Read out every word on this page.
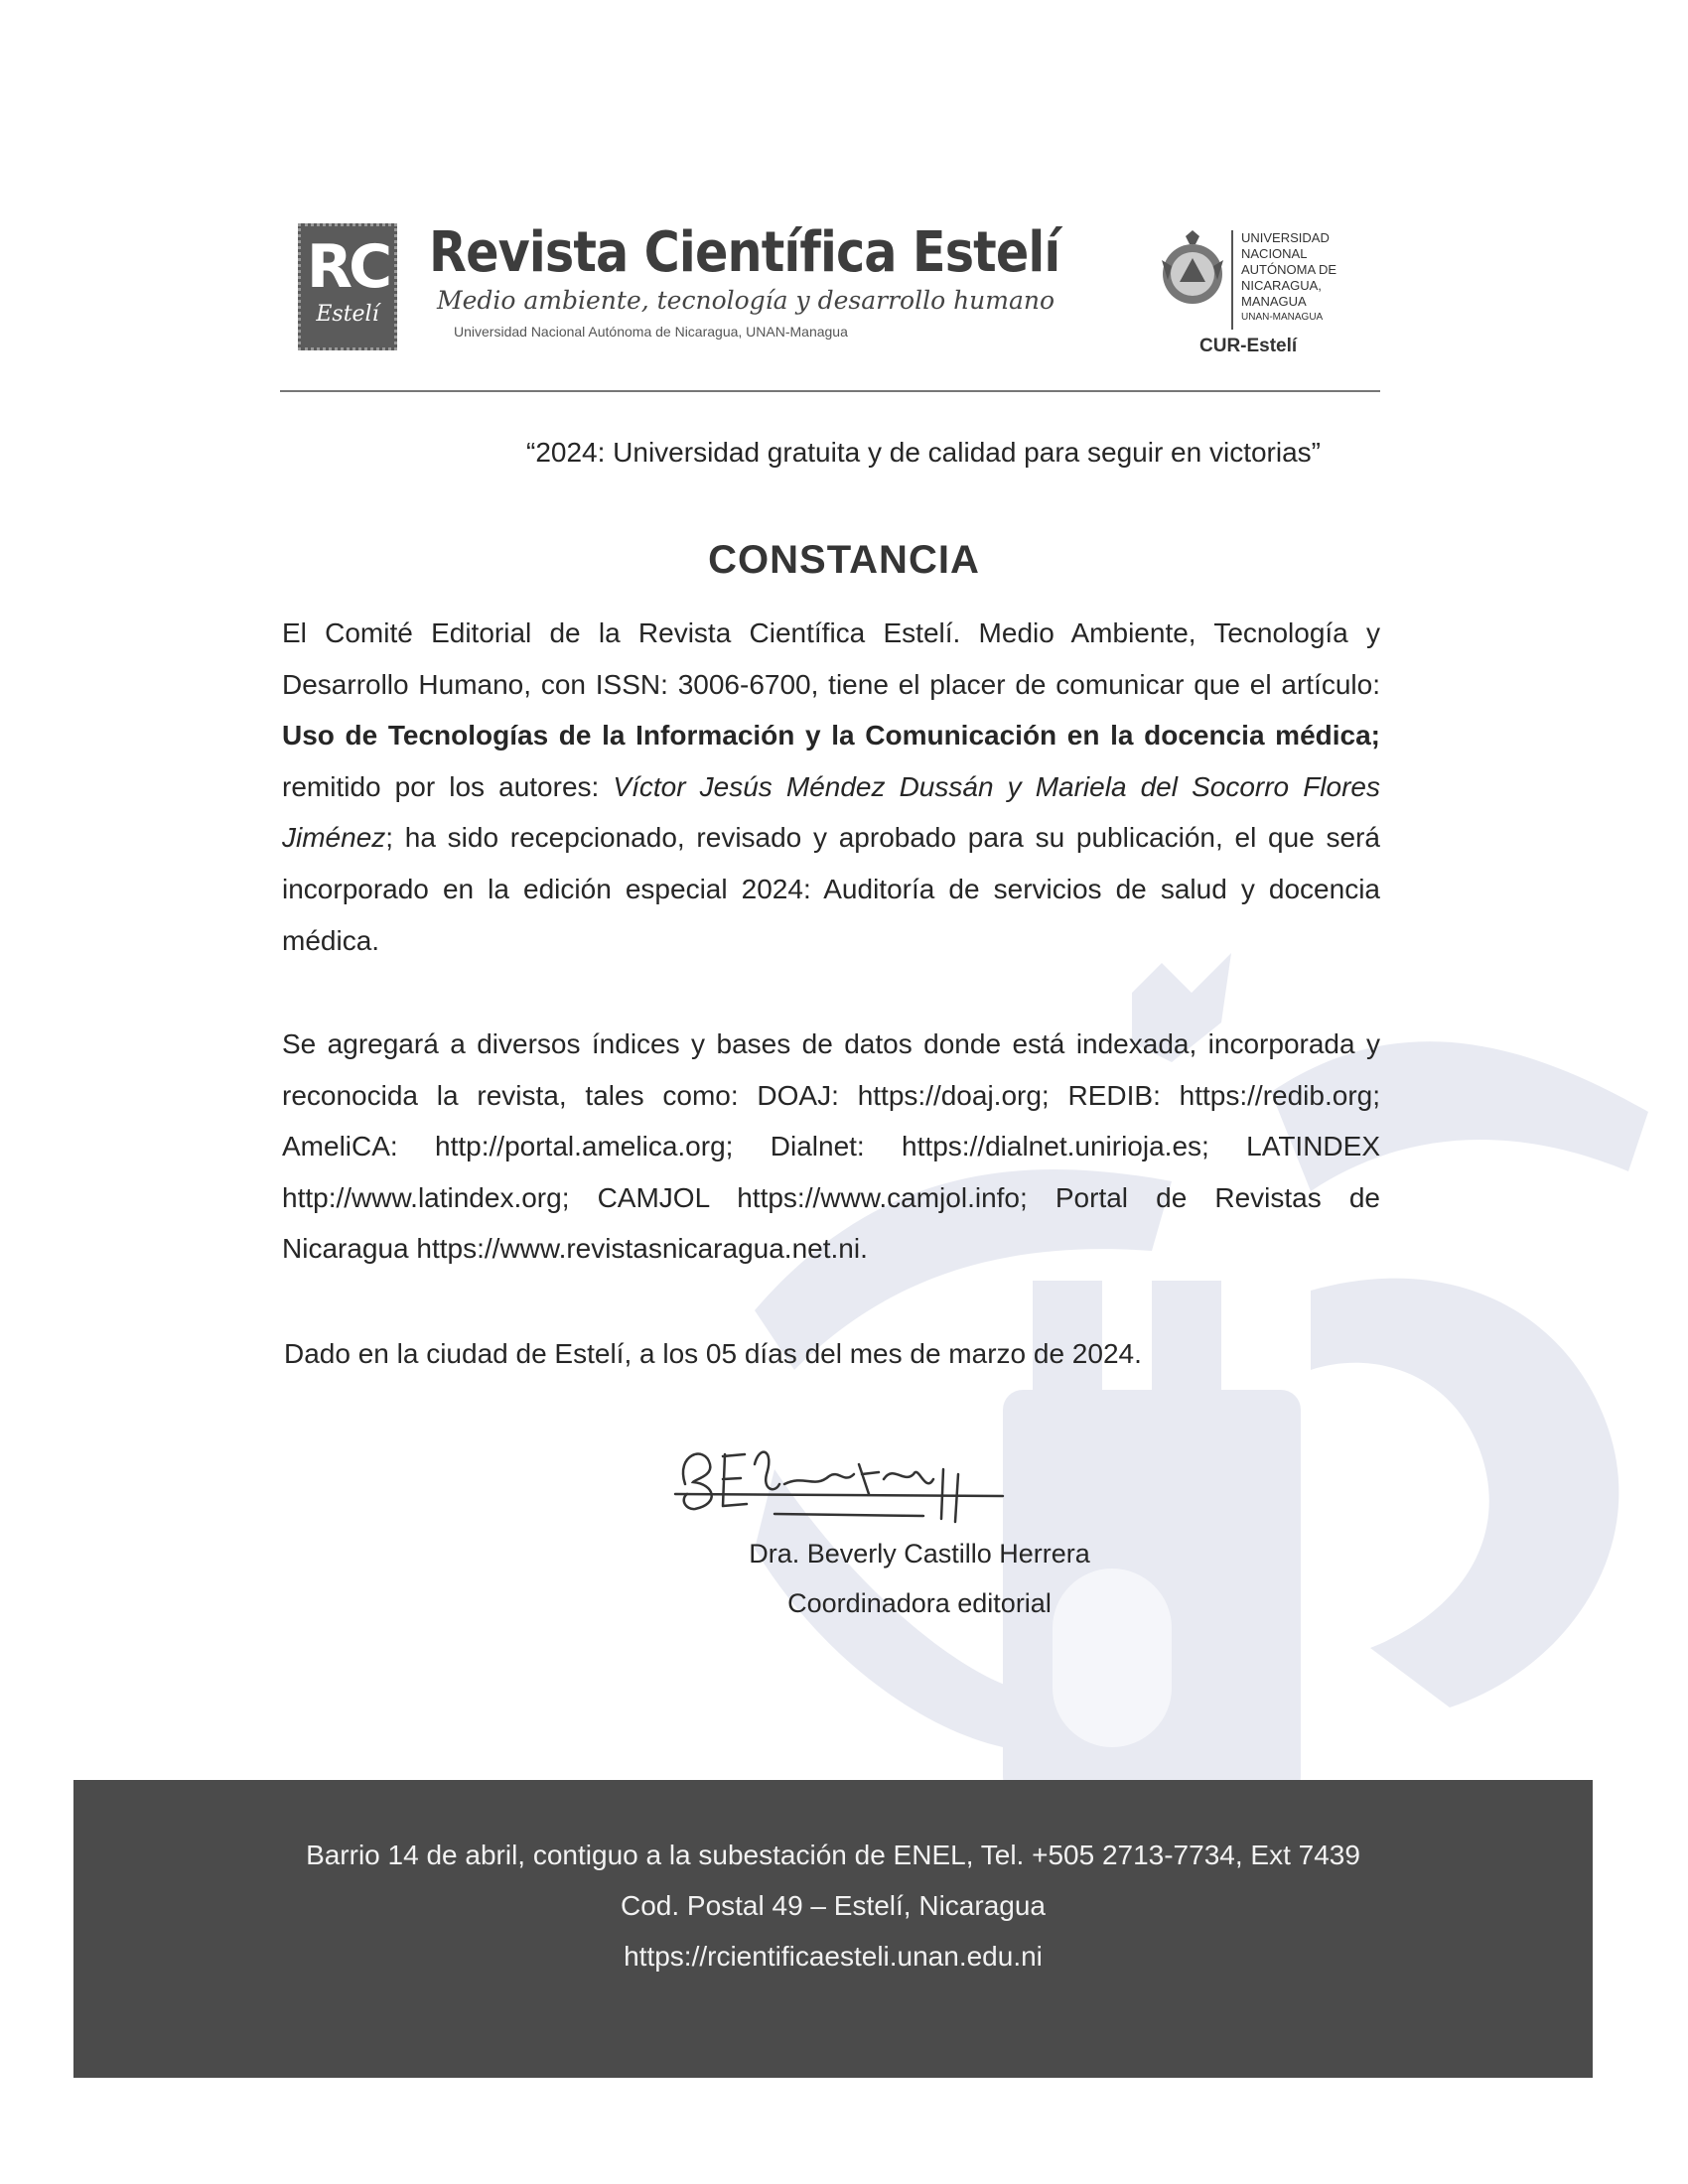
RC
Estelí
Revista Científica Estelí
Medio ambiente, tecnología y desarrollo humano
Universidad Nacional Autónoma de Nicaragua, UNAN-Managua
UNIVERSIDAD
NACIONAL
AUTÓNOMA DE
NICARAGUA,
MANAGUA
UNAN-MANAGUA
CUR-Estelí
“2024: Universidad gratuita y de calidad para seguir en victorias”
CONSTANCIA
El Comité Editorial de la Revista Científica Estelí. Medio Ambiente, Tecnología y Desarrollo Humano, con ISSN: 3006-6700, tiene el placer de comunicar que el artículo: Uso de Tecnologías de la Información y la Comunicación en la docencia médica; remitido por los autores: Víctor Jesús Méndez Dussán y Mariela del Socorro Flores Jiménez; ha sido recepcionado, revisado y aprobado para su publicación, el que será incorporado en la edición especial 2024: Auditoría de servicios de salud y docencia médica.
Se agregará a diversos índices y bases de datos donde está indexada, incorporada y reconocida la revista, tales como: DOAJ: https://doaj.org; REDIB: https://redib.org; AmeliCA: http://portal.amelica.org; Dialnet: https://dialnet.unirioja.es; LATINDEX http://www.latindex.org; CAMJOL https://www.camjol.info; Portal de Revistas de Nicaragua https://www.revistasnicaragua.net.ni.
Dado en la ciudad de Estelí, a los 05 días del mes de marzo de 2024.
Dra. Beverly Castillo Herrera
Coordinadora editorial
Barrio 14 de abril, contiguo a la subestación de ENEL, Tel. +505 2713-7734, Ext 7439
Cod. Postal 49 – Estelí, Nicaragua
https://rcientificaesteli.unan.edu.ni
